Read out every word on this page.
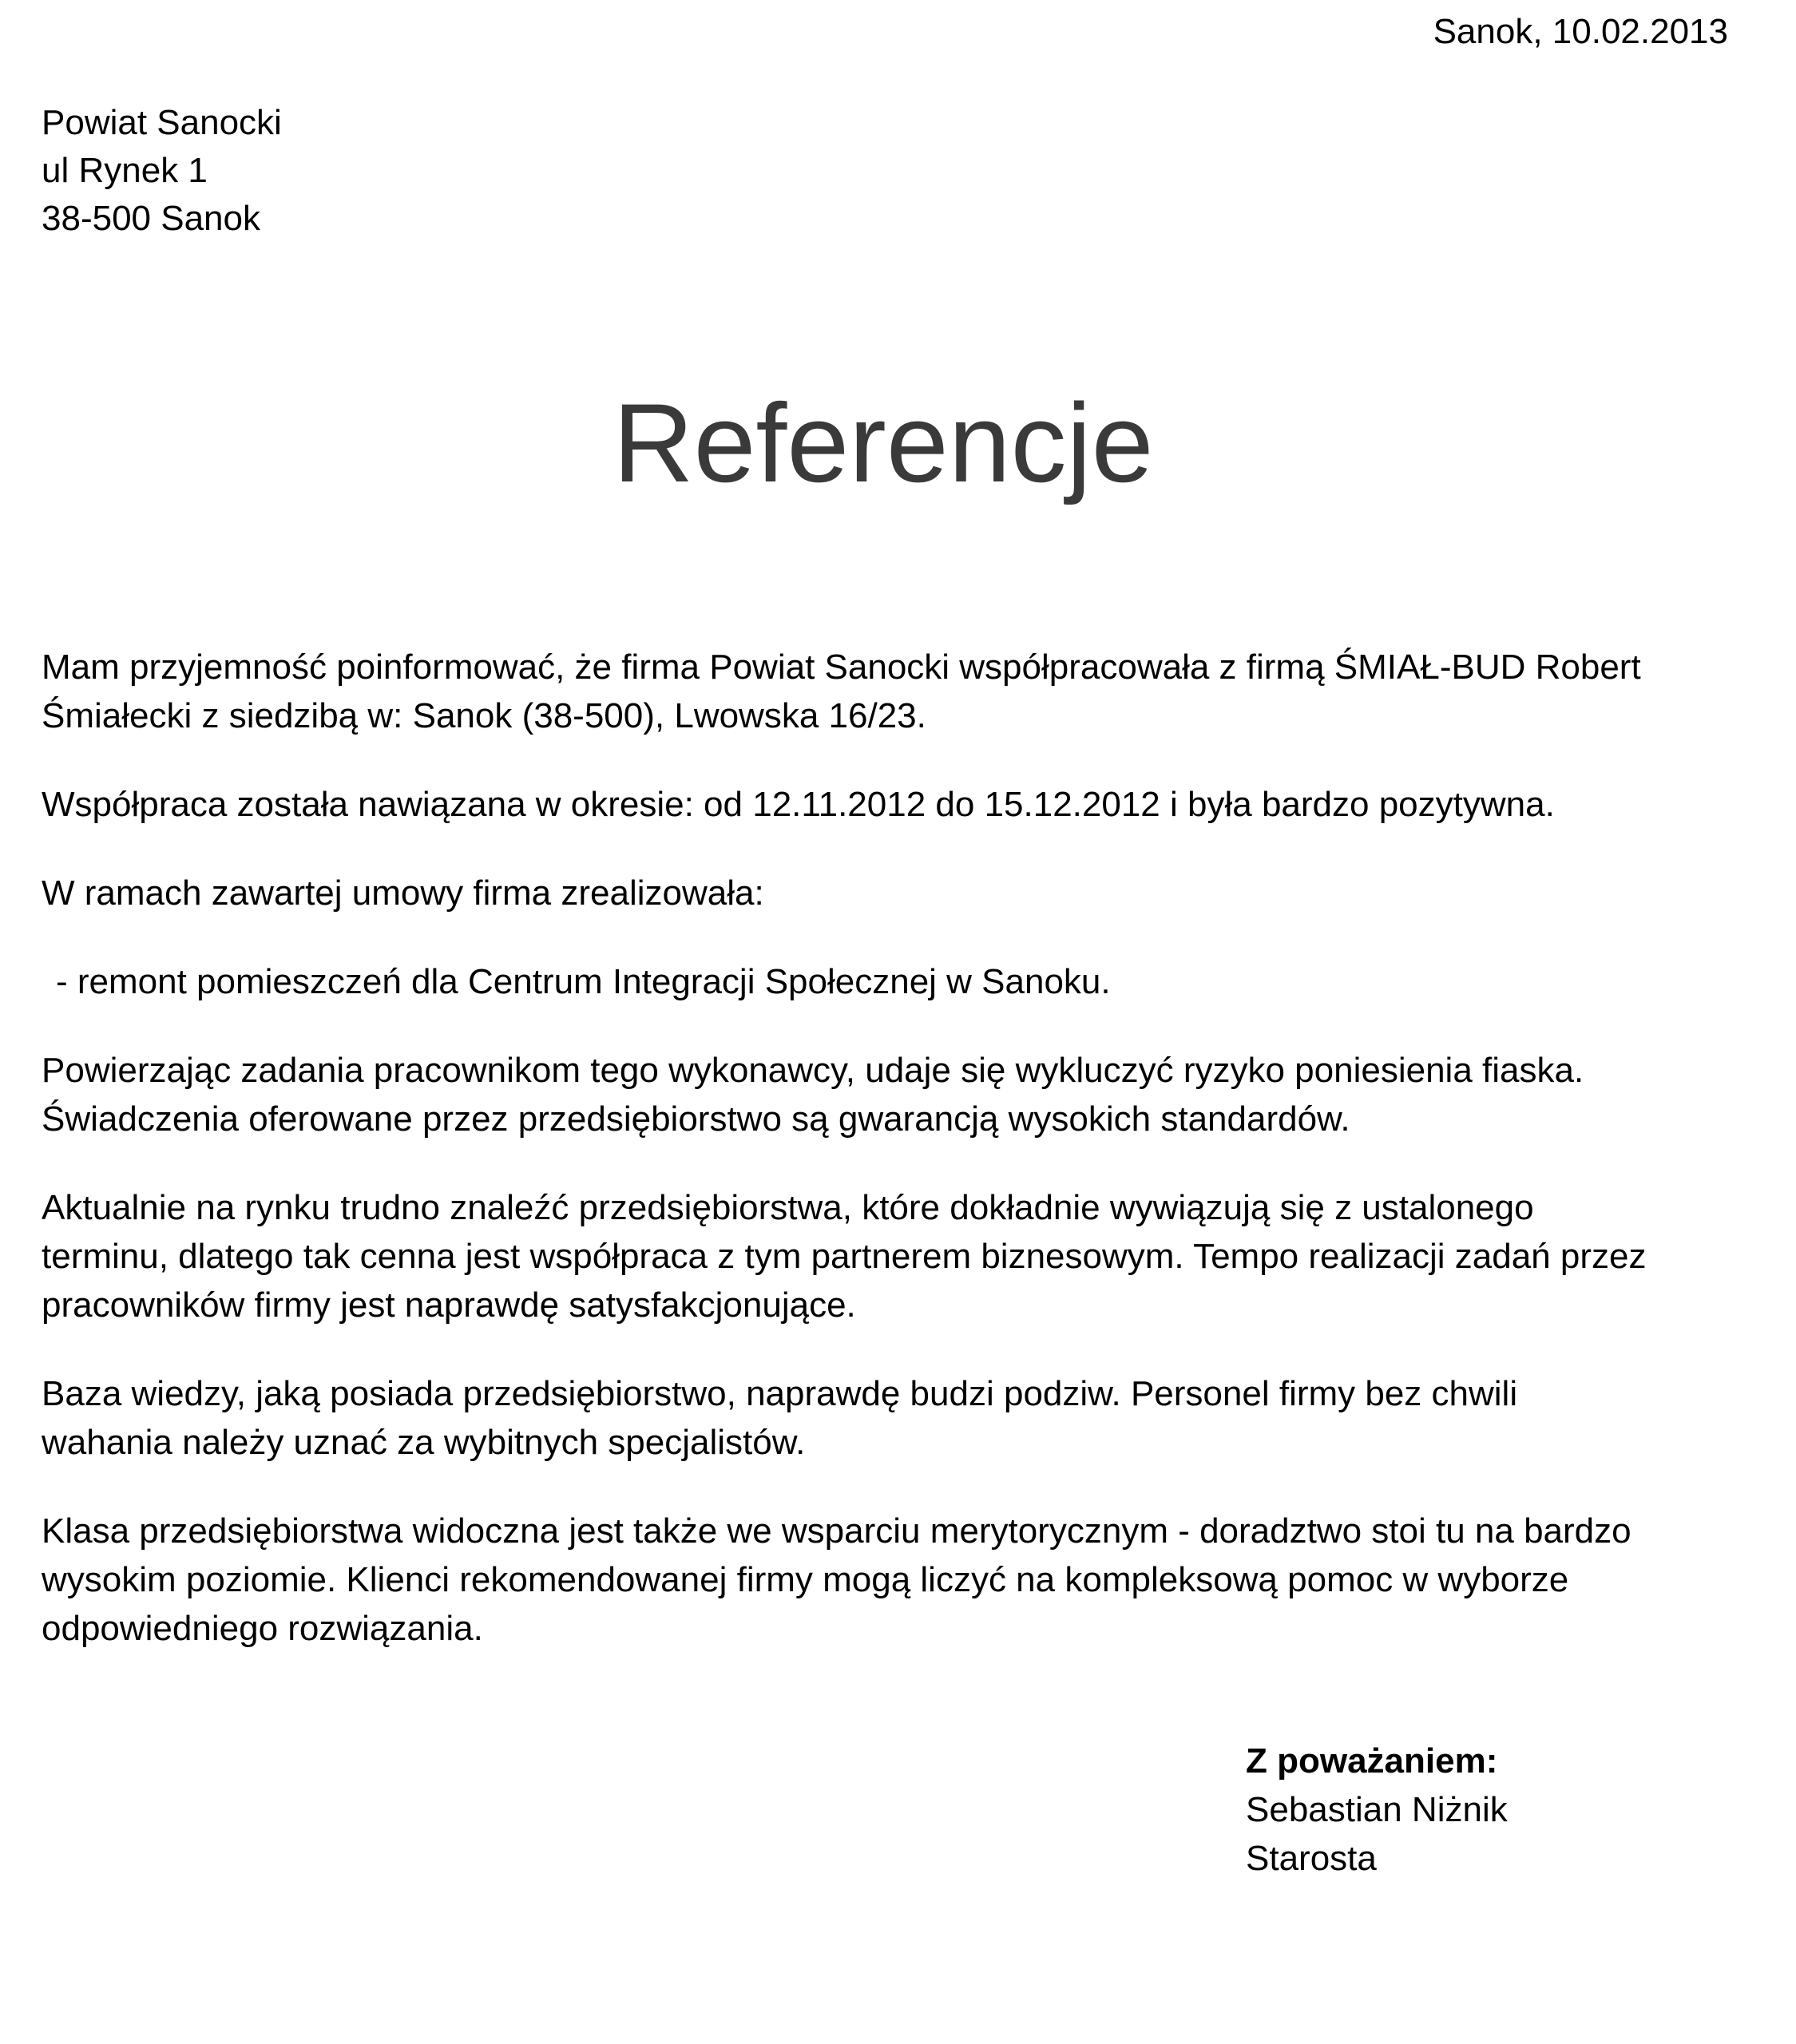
Sanok, 10.02.2013
Powiat Sanocki
ul Rynek 1
38-500 Sanok
Referencje

Mam przyjemność poinformować, że firma Powiat Sanocki współpracowała z firmą ŚMIAŁ-BUD Robert
Śmiałecki z siedzibą w: Sanok (38-500), Lwowska 16/23.

Współpraca została nawiązana w okresie: od 12.11.2012 do 15.12.2012 i była bardzo pozytywna.

W ramach zawartej umowy firma zrealizowała:

- remont pomieszczeń dla Centrum Integracji Społecznej w Sanoku.

Powierzając zadania pracownikom tego wykonawcy, udaje się wykluczyć ryzyko poniesienia fiaska.
Świadczenia oferowane przez przedsiębiorstwo są gwarancją wysokich standardów.

Aktualnie na rynku trudno znaleźć przedsiębiorstwa, które dokładnie wywiązują się z ustalonego
terminu, dlatego tak cenna jest współpraca z tym partnerem biznesowym. Tempo realizacji zadań przez
pracowników firmy jest naprawdę satysfakcjonujące.

Baza wiedzy, jaką posiada przedsiębiorstwo, naprawdę budzi podziw. Personel firmy bez chwili
wahania należy uznać za wybitnych specjalistów.

Klasa przedsiębiorstwa widoczna jest także we wsparciu merytorycznym - doradztwo stoi tu na bardzo
wysokim poziomie. Klienci rekomendowanej firmy mogą liczyć na kompleksową pomoc w wyborze
odpowiedniego rozwiązania.

Z poważaniem:
Sebastian Niżnik
Starosta
